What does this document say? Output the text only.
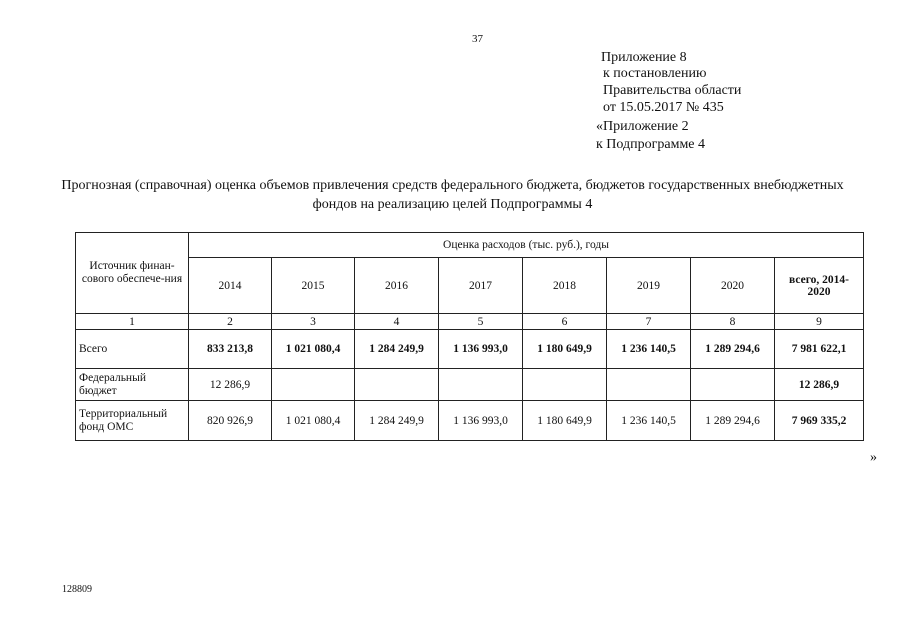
37
Приложение 8
к постановлению
Правительства области
от 15.05.2017 № 435
«Приложение 2
к Подпрограмме 4
Прогнозная (справочная) оценка объемов привлечения средств федерального бюджета, бюджетов государственных внебюджетных фондов на реализацию целей Подпрограммы 4
Источник финан-сового обеспече-ния	Оценка расходов (тыс. руб.), годы							
	2014	2015	2016	2017	2018	2019	2020	всего, 2014-2020
1	2	3	4	5	6	7	8	9
Всего	833 213,8	1 021 080,4	1 284 249,9	1 136 993,0	1 180 649,9	1 236 140,5	1 289 294,6	7 981 622,1
Федеральный бюджет	12 286,9							12 286,9
Территориальный фонд ОМС	820 926,9	1 021 080,4	1 284 249,9	1 136 993,0	1 180 649,9	1 236 140,5	1 289 294,6	7 969 335,2
»
128809
